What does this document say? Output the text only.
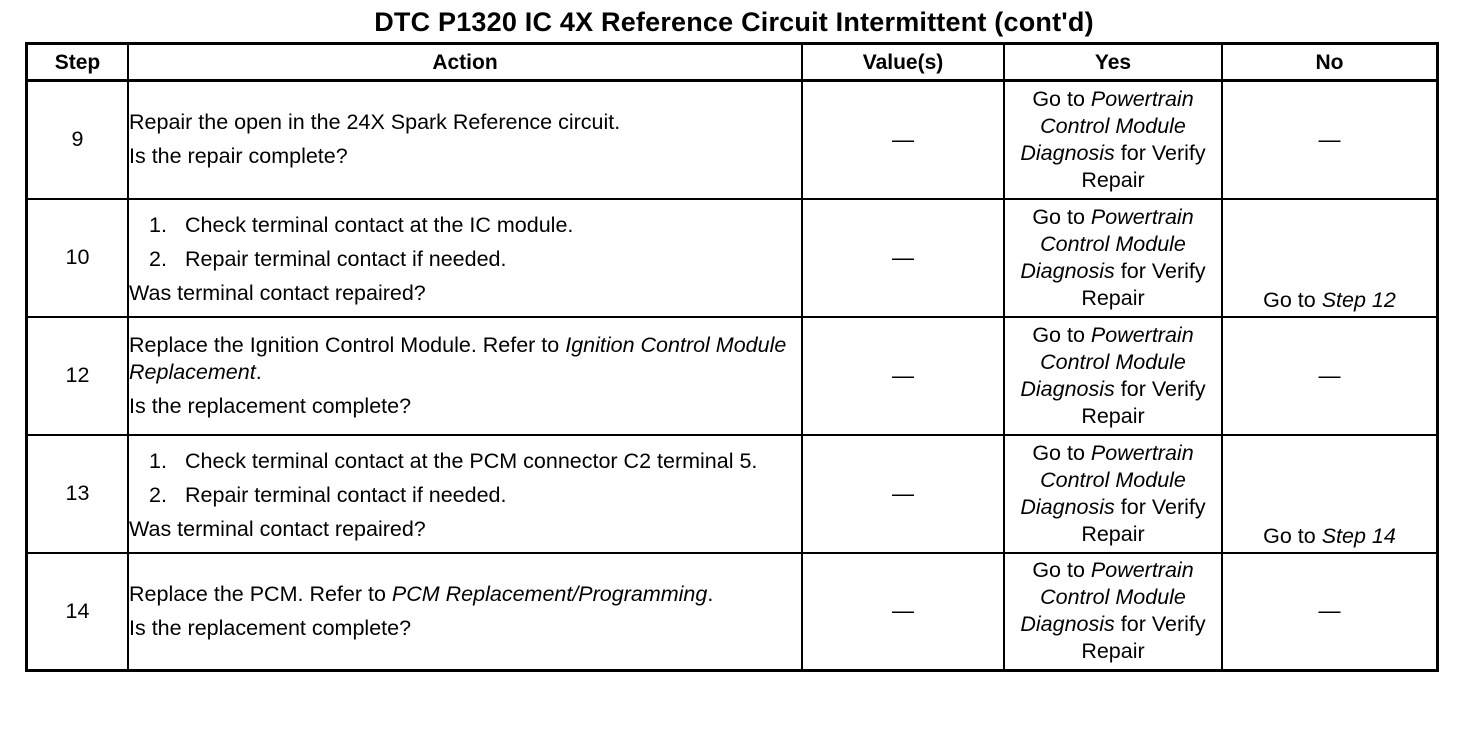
DTC P1320 IC 4X Reference Circuit Intermittent (cont'd)
Step	Action	Value(s)	Yes	No
9	Repair the open in the 24X Spark Reference circuit.

Is the repair complete?	—	Go to Powertrain Control Module Diagnosis for Verify Repair	—
10	1. Check terminal contact at the IC module.
2. Repair terminal contact if needed.

Was terminal contact repaired?	—	Go to Powertrain Control Module Diagnosis for Verify Repair	Go to Step 12
12	Replace the Ignition Control Module. Refer to Ignition Control Module Replacement.

Is the replacement complete?	—	Go to Powertrain Control Module Diagnosis for Verify Repair	—
13	1. Check terminal contact at the PCM connector C2 terminal 5.
2. Repair terminal contact if needed.

Was terminal contact repaired?	—	Go to Powertrain Control Module Diagnosis for Verify Repair	Go to Step 14
14	Replace the PCM. Refer to PCM Replacement/Programming.

Is the replacement complete?	—	Go to Powertrain Control Module Diagnosis for Verify Repair	—
